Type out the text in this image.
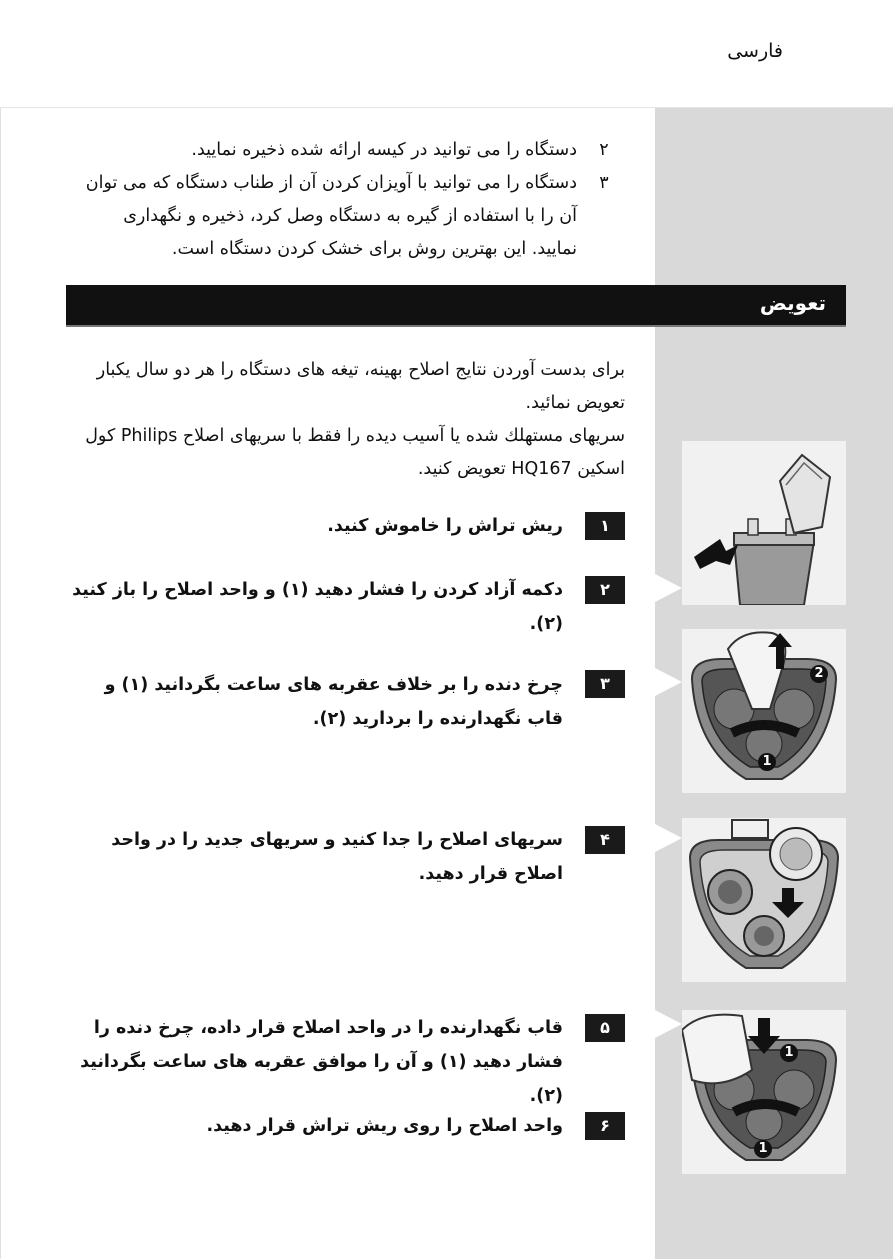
فارسی
۲
دستگاه را می توانید در کیسه ارائه شده ذخیره نمایید.
۳
دستگاه را می توانید با آویزان کردن آن از طناب دستگاه که می توان آن را با استفاده از گیره به دستگاه وصل کرد، ذخیره و نگهداری نمایید. این بهترین روش برای خشک کردن دستگاه است.
تعویض
برای بدست آوردن نتایج اصلاح بهینه، تیغه های دستگاه را هر دو سال یکبار تعویض نمائید.
سریهای مستهلك شده یا آسیب دیده را فقط با سریهای اصلاح Philips کول اسکین HQ167 تعویض کنید.
۱
ریش تراش را خاموش کنید.
۲
دکمه آزاد کردن را فشار دهید (۱) و واحد اصلاح را باز کنید (۲).
۳
چرخ دنده را بر خلاف عقربه های ساعت بگردانید (۱) و قاب نگهدارنده را بردارید (۲).
۴
سریهای اصلاح را جدا کنید و سریهای جدید را در واحد اصلاح قرار دهید.
۵
قاب نگهدارنده را در واحد اصلاح قرار داده، چرخ دنده را فشار دهید (۱) و آن را موافق عقربه های ساعت بگردانید (۲).
۶
واحد اصلاح را روی ریش تراش قرار دهید.
2
1
1
1
